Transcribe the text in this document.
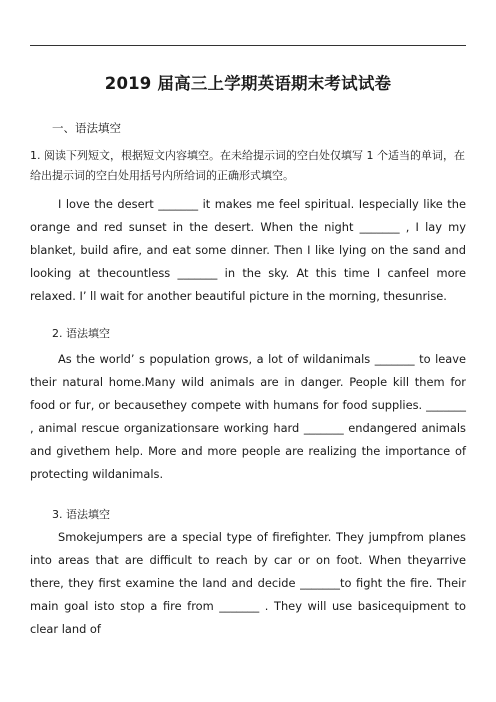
2019 届高三上学期英语期末考试试卷
一、语法填空
1. 阅读下列短文，根据短文内容填空。在未给提示词的空白处仅填写 1 个适当的单词，在给出提示词的空白处用括号内所给词的正确形式填空。
I love the desert _______ it makes me feel spiritual. Iespecially like the orange and red sunset in the desert. When the night _______ , I lay my blanket, build afire, and eat some dinner. Then I like lying on the sand and looking at thecountless _______ in the sky. At this time I canfeel more relaxed. I’ ll wait for another beautiful picture in the morning, thesunrise.
2. 语法填空
As the world’ s population grows, a lot of wildanimals _______ to leave their natural home.Many wild animals are in danger. People kill them for food or fur, or becausethey compete with humans for food supplies. _______ , animal rescue organizationsare working hard _______ endangered animals and givethem help. More and more people are realizing the importance of protecting wildanimals.
3. 语法填空
Smokejumpers are a special type of firefighter. They jumpfrom planes into areas that are difficult to reach by car or on foot. When theyarrive there, they first examine the land and decide _______to fight the fire. Their main goal isto stop a fire from _______ . They will use basicequipment to clear land of
